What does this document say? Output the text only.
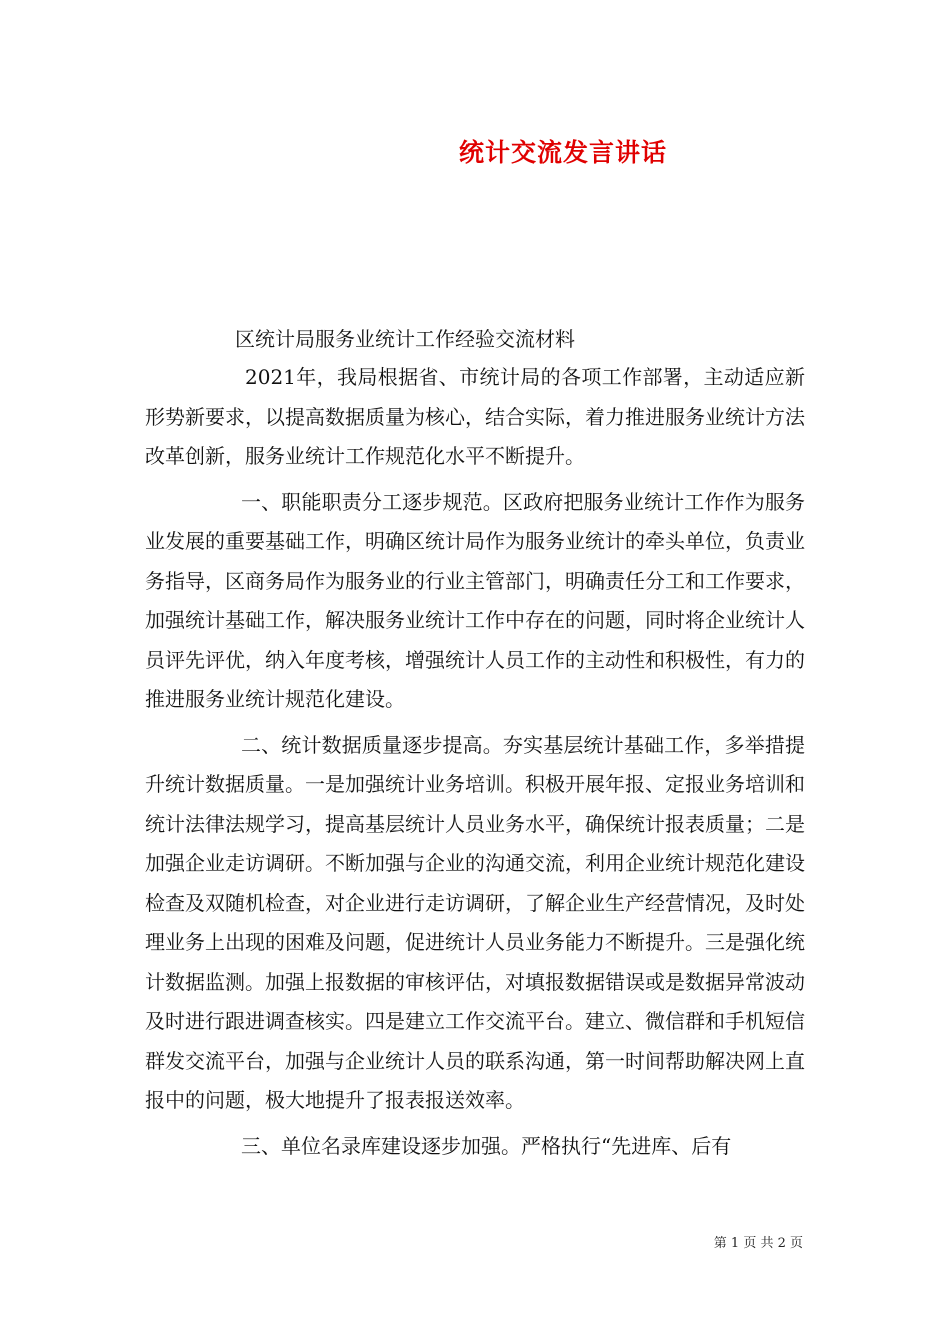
统计交流发言讲话

区统计局服务业统计工作经验交流材料

2021年，我局根据省、市统计局的各项工作部署，主动适应新形势新要求，以提高数据质量为核心，结合实际，着力推进服务业统计方法改革创新，服务业统计工作规范化水平不断提升。

一、职能职责分工逐步规范。区政府把服务业统计工作作为服务业发展的重要基础工作，明确区统计局作为服务业统计的牵头单位，负责业务指导，区商务局作为服务业的行业主管部门，明确责任分工和工作要求，加强统计基础工作，解决服务业统计工作中存在的问题，同时将企业统计人员评先评优，纳入年度考核，增强统计人员工作的主动性和积极性，有力的推进服务业统计规范化建设。

二、统计数据质量逐步提高。夯实基层统计基础工作，多举措提升统计数据质量。一是加强统计业务培训。积极开展年报、定报业务培训和统计法律法规学习，提高基层统计人员业务水平，确保统计报表质量；二是加强企业走访调研。不断加强与企业的沟通交流，利用企业统计规范化建设检查及双随机检查，对企业进行走访调研，了解企业生产经营情况，及时处理业务上出现的困难及问题，促进统计人员业务能力不断提升。三是强化统计数据监测。加强上报数据的审核评估，对填报数据错误或是数据异常波动及时进行跟进调查核实。四是建立工作交流平台。建立、微信群和手机短信群发交流平台，加强与企业统计人员的联系沟通，第一时间帮助解决网上直报中的问题，极大地提升了报表报送效率。

三、单位名录库建设逐步加强。严格执行“先进库、后有

第 1 页 共 2 页
